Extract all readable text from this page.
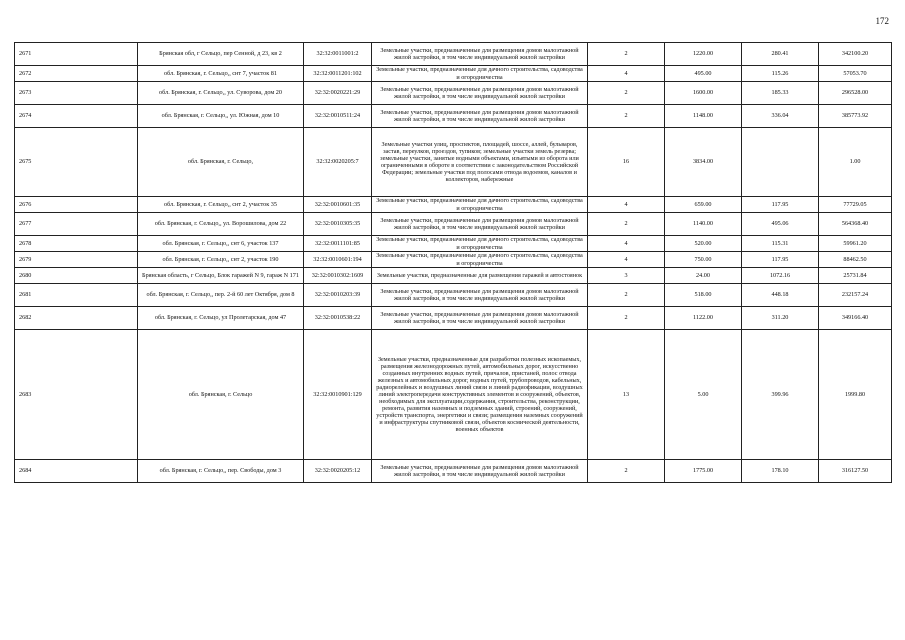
172
2671	Брянская обл, г Сельцо, пер Сенной, д 23, кв 2	32:32:0011001:2	Земельные участки, предназначенные для размещения домов малоэтажной жилой застройки, в том числе индивидуальной жилой застройки	2	1220.00	280.41	342100.20
2672	обл. Брянская, г. Сельцо,, снт 7, участок 81	32:32:0011201:102	Земельные участки, предназначенные для дачного строительства, садоводства и огородничества	4	495.00	115.26	57053.70
2673	обл. Брянская, г. Сельцо,, ул. Суворова, дом 20	32:32:0020221:29	Земельные участки, предназначенные для размещения домов малоэтажной жилой застройки, в том числе индивидуальной жилой застройки	2	1600.00	185.33	296528.00
2674	обл. Брянская, г. Сельцо,, ул. Южная, дом 10	32:32:0010511:24	Земельные участки, предназначенные для размещения домов малоэтажной жилой застройки, в том числе индивидуальной жилой застройки	2	1148.00	336.04	385773.92
2675	обл. Брянская, г. Сельцо,	32:32:0020205:7	Земельные участки улиц, проспектов, площадей, шоссе, аллей, бульваров, застав, переулков, проездов, тупиков; земельные участки земель резерва; земельные участки, занятые водными объектами, изъятыми из оборота или ограниченными в обороте в соответствии с законодательством Российской Федерации; земельные участки под полосами отвода водоемов, каналов и коллекторов, набережные	16	3834.00		1.00
2676	обл. Брянская, г. Сельцо,, снт 2, участок 35	32:32:0010601:35	Земельные участки, предназначенные для дачного строительства, садоводства и огородничества	4	659.00	117.95	77729.05
2677	обл. Брянская, г. Сельцо,, ул. Ворошилова, дом 22	32:32:0010305:35	Земельные участки, предназначенные для размещения домов малоэтажной жилой застройки, в том числе индивидуальной жилой застройки	2	1140.00	495.06	564368.40
2678	обл. Брянская, г. Сельцо,, снт 6, участок 137	32:32:0011101:85	Земельные участки, предназначенные для дачного строительства, садоводства и огородничества	4	520.00	115.31	59961.20
2679	обл. Брянская, г. Сельцо,, снт 2, участок 190	32:32:0010601:194	Земельные участки, предназначенные для дачного строительства, садоводства и огородничества	4	750.00	117.95	88462.50
2680	Брянская область, г Сельцо, Блок гаражей N 9, гараж N 171	32:32:0010302:1609	Земельные участки, предназначенные для размещения гаражей и автостоянок	3	24.00	1072.16	25731.84
2681	обл. Брянская, г. Сельцо,, пер. 2-й 60 лет Октября, дом 8	32:32:0010203:39	Земельные участки, предназначенные для размещения домов малоэтажной жилой застройки, в том числе индивидуальной жилой застройки	2	518.00	448.18	232157.24
2682	обл. Брянская, г. Сельцо, ул Пролетарская, дом 47	32:32:0010538:22	Земельные участки, предназначенные для размещения домов малоэтажной жилой застройки, в том числе индивидуальной жилой застройки	2	1122.00	311.20	349166.40
2683	обл. Брянская, г. Сельцо	32:32:0010901:129	Земельные участки, предназначенные для разработки полезных ископаемых, размещения железнодорожных путей, автомобильных дорог, искусственно созданных внутренних водных путей, причалов, пристаней, полос отвода железных и автомобильных дорог, водных путей, трубопроводов, кабельных, радиорелейных и воздушных линий связи и линий радиофикации, воздушных линий электропередачи конструктивных элементов и сооружений, объектов, необходимых для эксплуатации,содержания, строительства, реконструкции, ремонта, развития наземных и подземных зданий, строений, сооружений, устройств транспорта, энергетики и связи; размещения наземных сооружений и инфраструктуры спутниковой связи, объектов космической деятельности, военных объектов	13	5.00	399.96	1999.80
2684	обл. Брянская, г. Сельцо,, пер. Свободы, дом 3	32:32:0020205:12	Земельные участки, предназначенные для размещения домов малоэтажной жилой застройки, в том числе индивидуальной жилой застройки	2	1775.00	178.10	316127.50
